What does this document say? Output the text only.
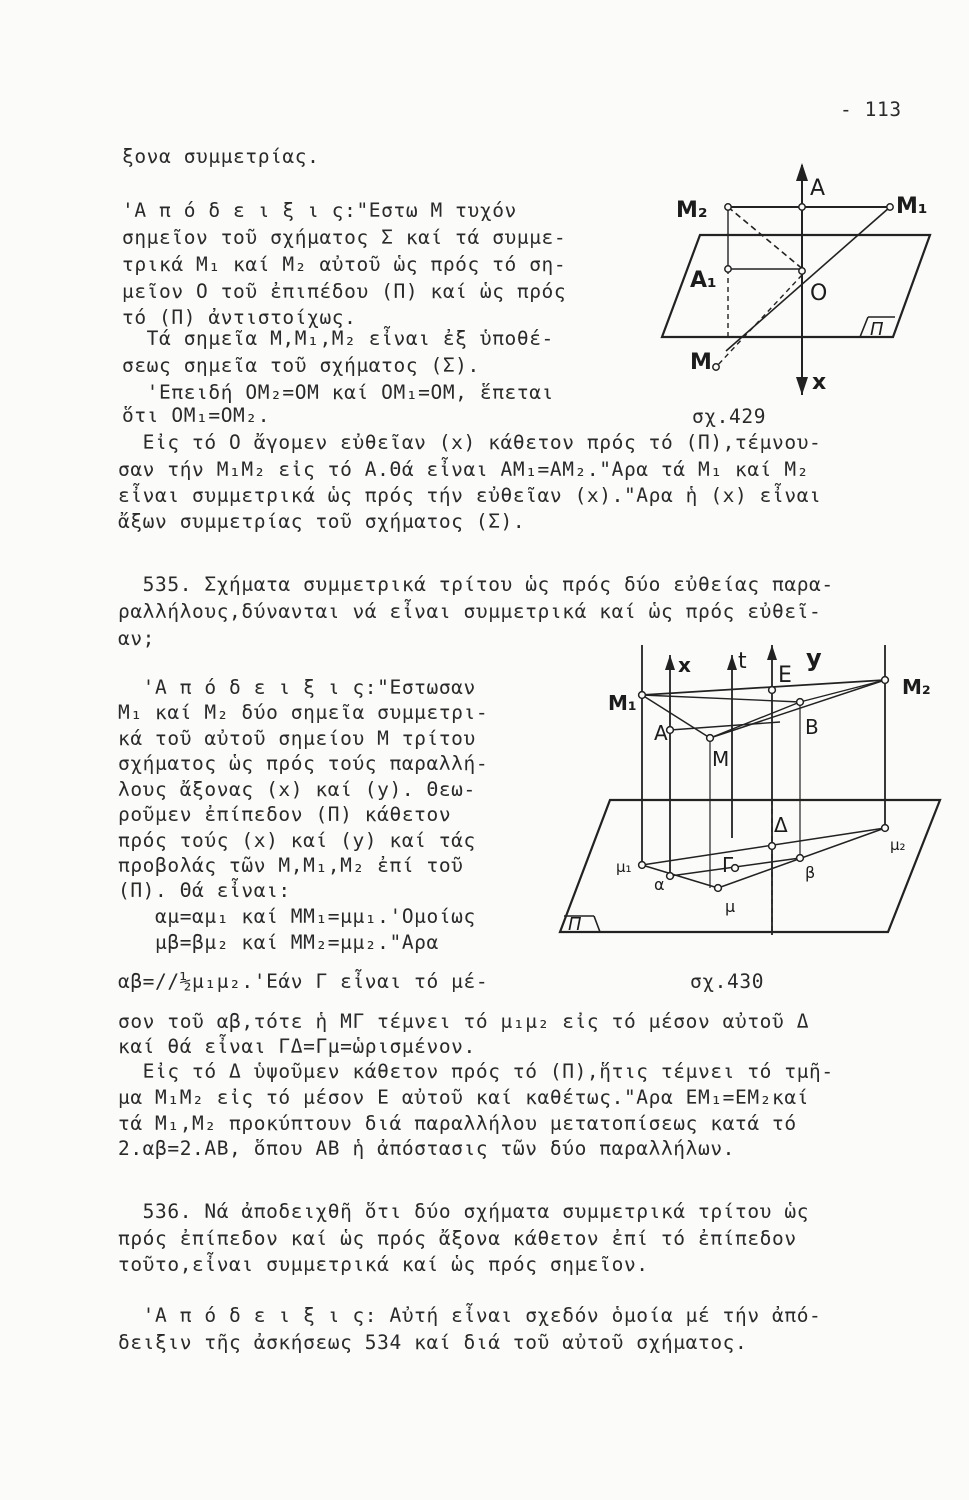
- 113
ξονα συμμετρίας.
'Α π ό δ ε ι ξ ι ς:"Εστω Μ τυχόν
σημεῖον τοῦ σχήματος Σ καί τά συμμε-
τρικά Μ₁ καί Μ₂ αὐτοῦ ὡς πρός τό ση-
μεῖον Ο τοῦ ἐπιπέδου (Π) καί ὡς πρός
τό (Π) ἀντιστοίχως.
Τά σημεῖα Μ,Μ₁,Μ₂ εἶναι ἐξ ὑποθέ-
σεως σημεῖα τοῦ σχήματος (Σ).
'Επειδή ΟΜ₂=ΟΜ καί ΟΜ₁=ΟΜ, ἕπεται
ὅτι ΟΜ₁=ΟΜ₂.
M₂
A
M₁
A₁
O
Π
M
x
σχ.429
Εἰς τό Ο ἄγομεν εὐθεῖαν (x) κάθετον πρός τό (Π),τέμνου-
σαν τήν Μ₁Μ₂ εἰς τό Α.Θά εἶναι ΑΜ₁=ΑΜ₂."Αρα τά Μ₁ καί Μ₂
εἶναι συμμετρικά ὡς πρός τήν εὐθεῖαν (x)."Αρα ἡ (x) εἶναι
ἄξων συμμετρίας τοῦ σχήματος (Σ).
535. Σχήματα συμμετρικά τρίτου ὡς πρός δύο εὐθείας παρα-
ραλλήλους,δύνανται νά εἶναι συμμετρικά καί ὡς πρός εὐθεῖ-
αν;
'Α π ό δ ε ι ξ ι ς:"Εστωσαν
Μ₁ καί Μ₂ δύο σημεῖα συμμετρι-
κά τοῦ αὐτοῦ σημείου Μ τρίτου
σχήματος ὡς πρός τούς παραλλή-
λους ἄξονας (x) καί (y). Θεω-
ροῦμεν ἐπίπεδον (Π) κάθετον
πρός τούς (x) καί (y) καί τάς
προβολάς τῶν Μ,Μ₁,Μ₂ ἐπί τοῦ
(Π). Θά εἶναι:
αμ=αμ₁ καί ΜΜ₁=μμ₁.'Ομοίως
μβ=βμ₂ καί ΜΜ₂=μμ₂."Αρα
αβ=//½μ₁μ₂.'Εάν Γ εἶναι τό μέ-
x t
E
y
M₁
M₂
A	B
M
Δ
μ₁
μ₂
Γ
α
β
μ
Π
σχ.430
σον τοῦ αβ,τότε ἡ ΜΓ τέμνει τό μ₁μ₂ εἰς τό μέσον αὐτοῦ Δ
καί θά εἶναι ΓΔ=Γμ=ὡρισμένον.
Εἰς τό Δ ὑψοῦμεν κάθετον πρός τό (Π),ἥτις τέμνει τό τμῆ-
μα Μ₁Μ₂ εἰς τό μέσον Ε αὐτοῦ καί καθέτως."Αρα ΕΜ₁=ΕΜ₂καί
τά Μ₁,Μ₂ προκύπτουν διά παραλλήλου μετατοπίσεως κατά τό
2.αβ=2.ΑΒ, ὅπου ΑΒ ἡ ἀπόστασις τῶν δύο παραλλήλων.
536. Νά ἀποδειχθῆ ὅτι δύο σχήματα συμμετρικά τρίτου ὡς
πρός ἐπίπεδον καί ὡς πρός ἄξονα κάθετον ἐπί τό ἐπίπεδον
τοῦτο,εἶναι συμμετρικά καί ὡς πρός σημεῖον.
'Α π ό δ ε ι ξ ι ς: Αὐτή εἶναι σχεδόν ὁμοία μέ τήν ἀπό-
δειξιν τῆς ἀσκήσεως 534 καί διά τοῦ αὐτοῦ σχήματος.
